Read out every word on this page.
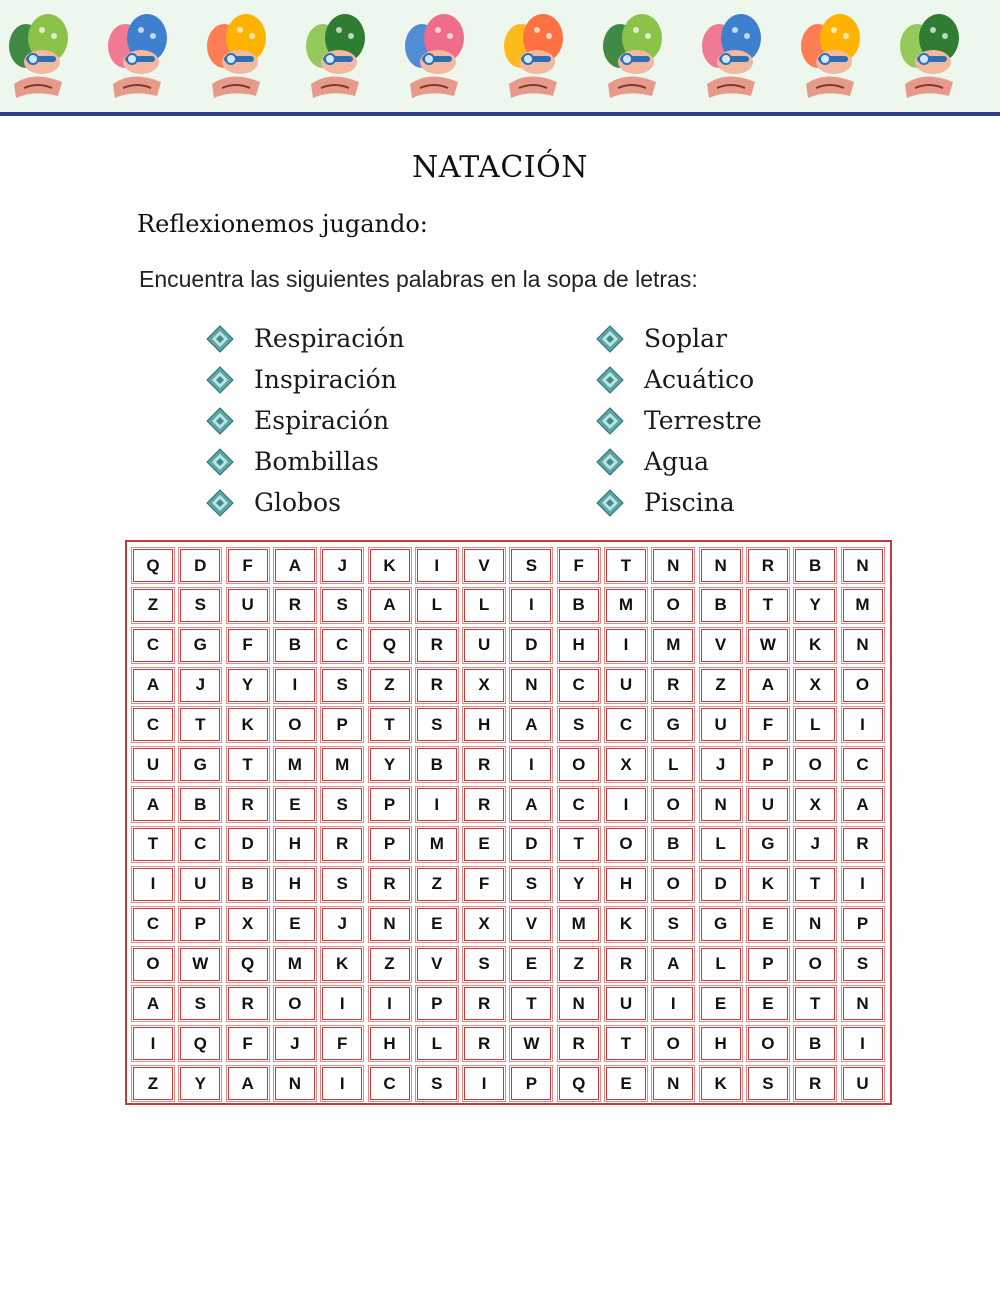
NATACIÓN
Reflexionemos jugando:
Encuentra las siguientes palabras en la sopa de letras:
Respiración
Inspiración
Espiración
Bombillas
Globos
Soplar
Acuático
Terrestre
Agua
Piscina
Q	D	F	A	J	K	I	V	S	F	T	N	N	R	B	N
Z	S	U	R	S	A	L	L	I	B	M	O	B	T	Y	M
C	G	F	B	C	Q	R	U	D	H	I	M	V	W	K	N
A	J	Y	I	S	Z	R	X	N	C	U	R	Z	A	X	O
C	T	K	O	P	T	S	H	A	S	C	G	U	F	L	I
U	G	T	M	M	Y	B	R	I	O	X	L	J	P	O	C
A	B	R	E	S	P	I	R	A	C	I	O	N	U	X	A
T	C	D	H	R	P	M	E	D	T	O	B	L	G	J	R
I	U	B	H	S	R	Z	F	S	Y	H	O	D	K	T	I
C	P	X	E	J	N	E	X	V	M	K	S	G	E	N	P
O	W	Q	M	K	Z	V	S	E	Z	R	A	L	P	O	S
A	S	R	O	I	I	P	R	T	N	U	I	E	E	T	N
I	Q	F	J	F	H	L	R	W	R	T	O	H	O	B	I
Z	Y	A	N	I	C	S	I	P	Q	E	N	K	S	R	U
